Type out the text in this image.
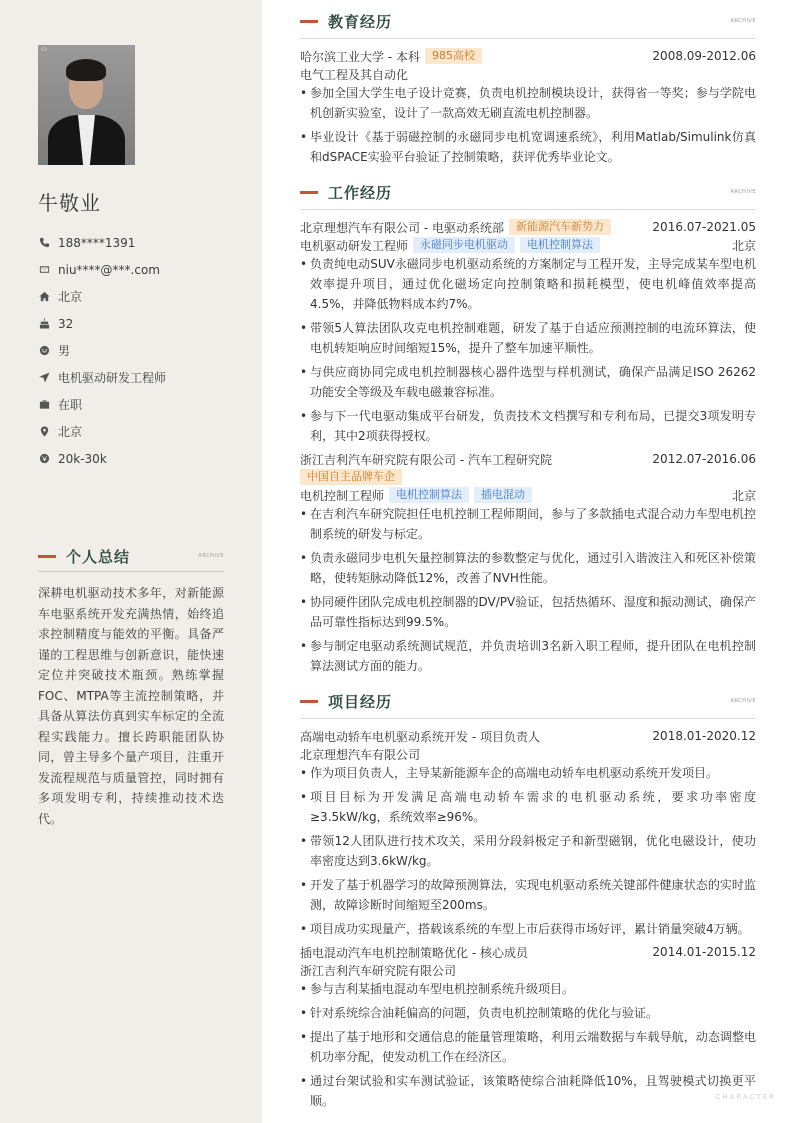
Kit
牛敬业
188****1391
niu****@***.com
北京
32
男
电机驱动研发工程师
在职
北京
20k-30k
个人总结	ARCHIVE

深耕电机驱动技术多年，对新能源车电驱系统开发充满热情，始终追求控制精度与能效的平衡。具备严谨的工程思维与创新意识，能快速定位并突破技术瓶颈。熟练掌握FOC、MTPA等主流控制策略，并具备从算法仿真到实车标定的全流程实践能力。擅长跨职能团队协同，曾主导多个量产项目，注重开发流程规范与质量管控，同时拥有多项发明专利，持续推动技术迭代。

教育经历	ARCHIVE
哈尔滨工业大学 - 本科	985高校	2008.09-2012.06
电气工程及其自动化
• 参加全国大学生电子设计竞赛，负责电机控制模块设计，获得省一等奖；参与学院电机创新实验室，设计了一款高效无刷直流电机控制器。
• 毕业设计《基于弱磁控制的永磁同步电机宽调速系统》，利用Matlab/Simulink仿真和dSPACE实验平台验证了控制策略，获评优秀毕业论文。
工作经历	ARCHIVE
北京理想汽车有限公司 - 电驱动系统部	新能源汽车新势力	2016.07-2021.05
电机驱动研发工程师	永磁同步电机驱动	电机控制算法	北京
• 负责纯电动SUV永磁同步电机驱动系统的方案制定与工程开发，主导完成某车型电机效率提升项目，通过优化磁场定向控制策略和损耗模型，使电机峰值效率提高4.5%，并降低物料成本约7%。
• 带领5人算法团队攻克电机控制难题，研发了基于自适应预测控制的电流环算法，使电机转矩响应时间缩短15%，提升了整车加速平顺性。
• 与供应商协同完成电机控制器核心器件选型与样机测试，确保产品满足ISO 26262功能安全等级及车载电磁兼容标准。
• 参与下一代电驱动集成平台研发，负责技术文档撰写和专利布局，已提交3项发明专利，其中2项获得授权。
浙江吉利汽车研究院有限公司 - 汽车工程研究院	2012.07-2016.06
中国自主品牌车企
电机控制工程师	电机控制算法	插电混动	北京
• 在吉利汽车研究院担任电机控制工程师期间，参与了多款插电式混合动力车型电机控制系统的研发与标定。
• 负责永磁同步电机矢量控制算法的参数整定与优化，通过引入谐波注入和死区补偿策略，使转矩脉动降低12%，改善了NVH性能。
• 协同硬件团队完成电机控制器的DV/PV验证，包括热循环、湿度和振动测试，确保产品可靠性指标达到99.5%。
• 参与制定电驱动系统测试规范，并负责培训3名新入职工程师，提升团队在电机控制算法测试方面的能力。
项目经历	ARCHIVE
高端电动轿车电机驱动系统开发 - 项目负责人	2018.01-2020.12
北京理想汽车有限公司
• 作为项目负责人，主导某新能源车企的高端电动轿车电机驱动系统开发项目。
• 项目目标为开发满足高端电动轿车需求的电机驱动系统，要求功率密度≥3.5kW/kg，系统效率≥96%。
• 带领12人团队进行技术攻关，采用分段斜极定子和新型磁钢，优化电磁设计，使功率密度达到3.6kW/kg。
• 开发了基于机器学习的故障预测算法，实现电机驱动系统关键部件健康状态的实时监测，故障诊断时间缩短至200ms。
• 项目成功实现量产，搭载该系统的车型上市后获得市场好评，累计销量突破4万辆。
插电混动汽车电机控制策略优化 - 核心成员	2014.01-2015.12
浙江吉利汽车研究院有限公司
• 参与吉利某插电混动车型电机控制系统升级项目。
• 针对系统综合油耗偏高的问题，负责电机控制策略的优化与验证。
• 提出了基于地形和交通信息的能量管理策略，利用云端数据与车载导航，动态调整电机功率分配，使发动机工作在经济区。
• 通过台架试验和实车测试验证，该策略使综合油耗降低10%，且驾驶模式切换更平顺。	CHARACTER
